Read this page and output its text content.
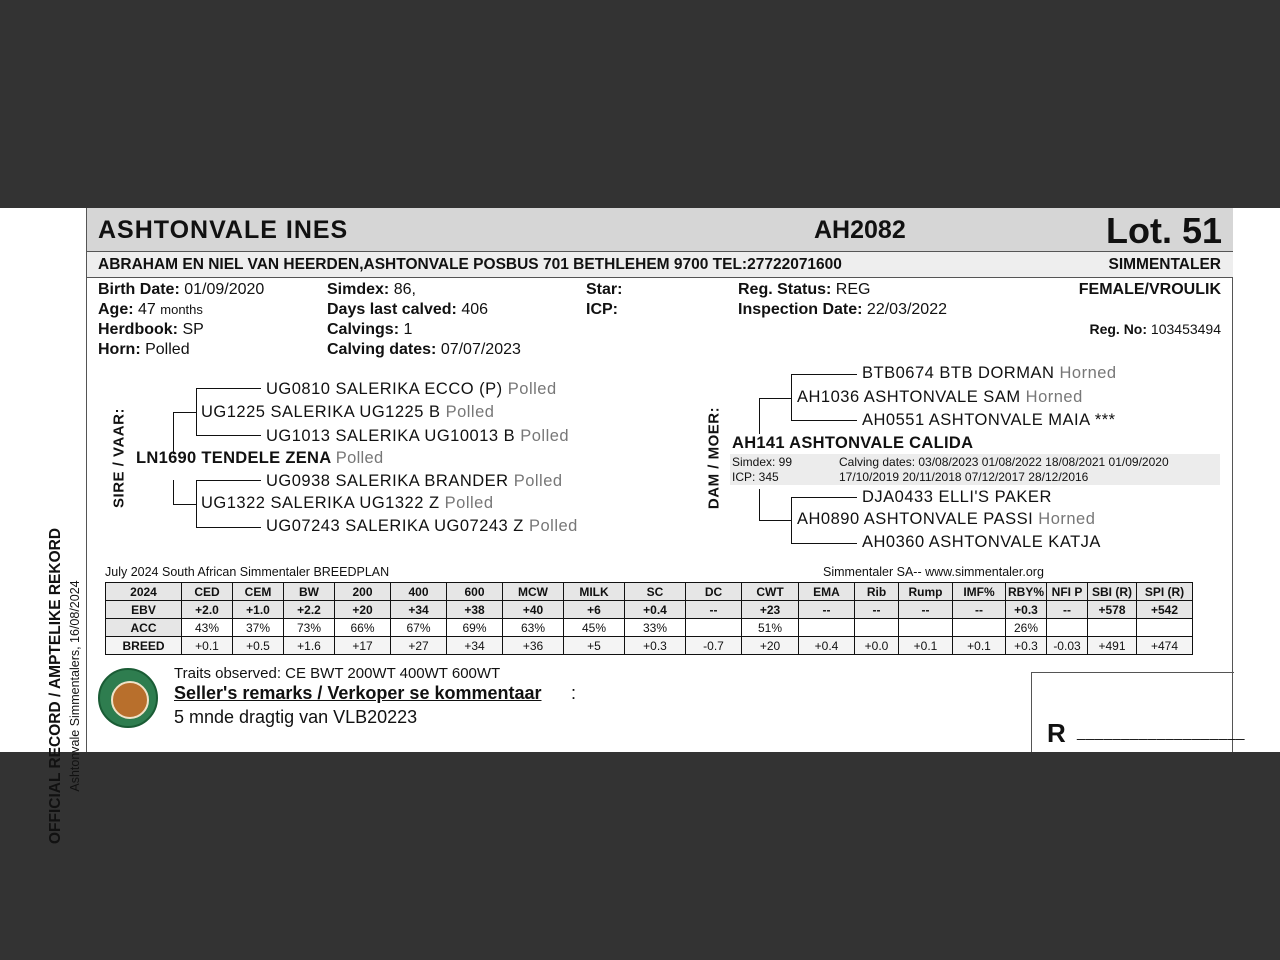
OFFICIAL RECORD / AMPTELIKE REKORD Ashtonvale Simmentalers, 16/08/2024
ASHTONVALE INES	AH2082	Lot. 51
ABRAHAM EN NIEL VAN HEERDEN,ASHTONVALE POSBUS 701 BETHLEHEM 9700 TEL:27722071600	SIMMENTALER
Birth Date: 01/09/2020
Age: 47 months
Herdbook: SP
Horn: Polled
Simdex: 86,
Days last calved: 406
Calvings: 1
Calving dates: 07/07/2023
Star:
ICP:
Reg. Status: REG
Inspection Date: 22/03/2022
FEMALE/VROULIK
Reg. No: 103453494
SIRE / VAAR:
UG0810 SALERIKA ECCO (P) Polled
UG1225 SALERIKA UG1225 B Polled
UG1013 SALERIKA UG10013 B Polled
LN1690 TENDELE ZENA Polled
UG0938 SALERIKA BRANDER Polled
UG1322 SALERIKA UG1322 Z Polled
UG07243 SALERIKA UG07243 Z Polled
DAM / MOER:
BTB0674 BTB DORMAN Horned
AH1036 ASHTONVALE SAM Horned
AH0551 ASHTONVALE MAIA ***
AH141 ASHTONVALE CALIDA
Simdex: 99
ICP: 345
Calving dates: 03/08/2023 01/08/2022 18/08/2021 01/09/2020
17/10/2019 20/11/2018 07/12/2017 28/12/2016
DJA0433 ELLI'S PAKER
AH0890 ASHTONVALE PASSI Horned
AH0360 ASHTONVALE KATJA
July 2024 South African Simmentaler BREEDPLAN	Simmentaler SA-- www.simmentaler.org
2024	CED	CEM	BW	200	400	600	MCW	MILK	SC	DC	CWT	EMA	Rib	Rump	IMF%	RBY%	NFI P	SBI (R)	SPI (R)
EBV	+2.0	+1.0	+2.2	+20	+34	+38	+40	+6	+0.4	--	+23	--	--	--	--	+0.3	--	+578	+542
ACC	43%	37%	73%	66%	67%	69%	63%	45%	33%		51%					26%			
BREED	+0.1	+0.5	+1.6	+17	+27	+34	+36	+5	+0.3	-0.7	+20	+0.4	+0.0	+0.1	+0.1	+0.3	-0.03	+491	+474
Traits observed: CE BWT 200WT 400WT 600WT
Seller's remarks / Verkoper se kommentaar :
5 mnde dragtig van VLB20223
R ___________________
